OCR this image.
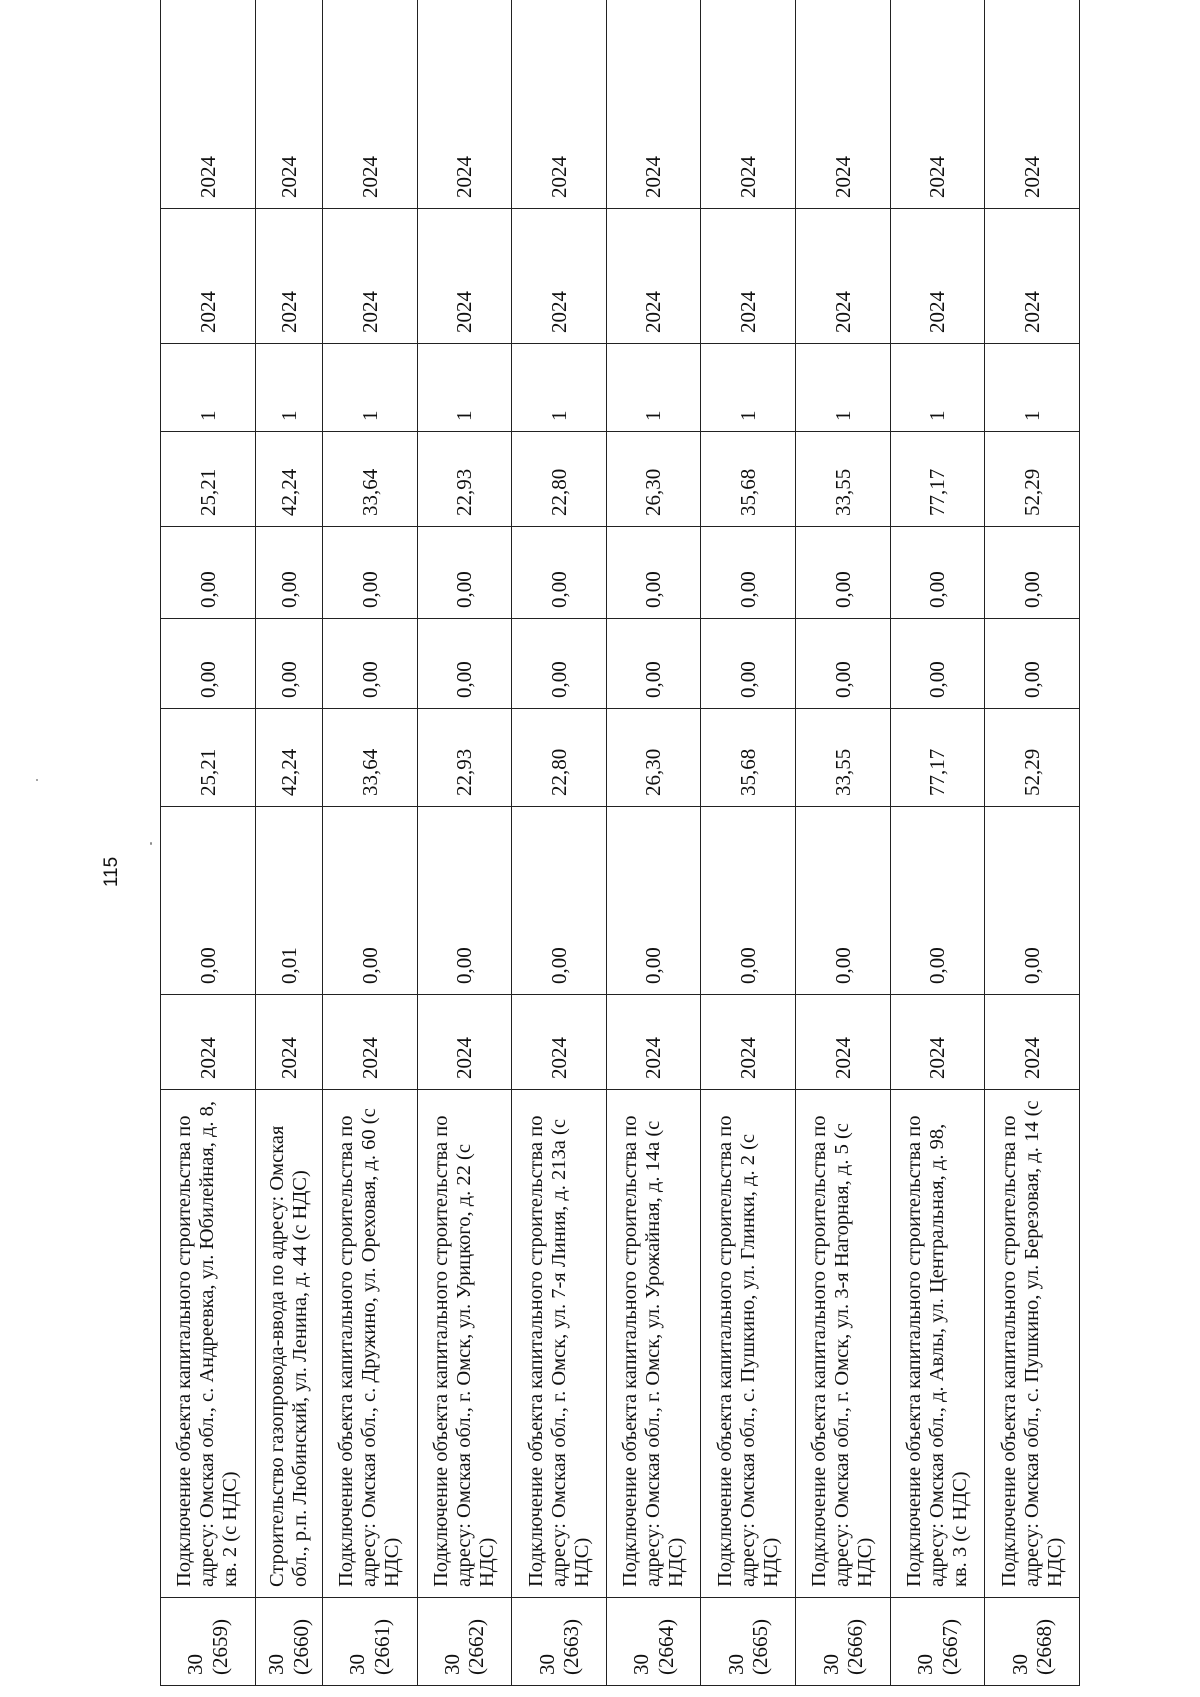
115
30 (2659)	Подключение объекта капитального строительства по адресу: Омская обл., с. Андреевка, ул. Юбилейная, д. 8, кв. 2 (с НДС)	2024	0,00	25,21	0,00	0,00	25,21	1	2024	2024

30 (2660)	Строительство газопровода-ввода по адресу: Омская обл., р.п. Любинский, ул. Ленина, д. 44 (с НДС)	2024	0,01	42,24	0,00	0,00	42,24	1	2024	2024

30 (2661)	Подключение объекта капитального строительства по адресу: Омская обл., с. Дружино, ул. Ореховая, д. 60 (с НДС)	2024	0,00	33,64	0,00	0,00	33,64	1	2024	2024

30 (2662)	Подключение объекта капитального строительства по адресу: Омская обл., г. Омск, ул. Урицкого, д. 22 (с НДС)	2024	0,00	22,93	0,00	0,00	22,93	1	2024	2024

30 (2663)	Подключение объекта капитального строительства по адресу: Омская обл., г. Омск, ул. 7-я Линия, д. 213а (с НДС)	2024	0,00	22,80	0,00	0,00	22,80	1	2024	2024

30 (2664)	Подключение объекта капитального строительства по адресу: Омская обл., г. Омск, ул. Урожайная, д. 14а (с НДС)	2024	0,00	26,30	0,00	0,00	26,30	1	2024	2024

30 (2665)	Подключение объекта капитального строительства по адресу: Омская обл., с. Пушкино, ул. Глинки, д. 2 (с НДС)	2024	0,00	35,68	0,00	0,00	35,68	1	2024	2024

30 (2666)	Подключение объекта капитального строительства по адресу: Омская обл., г. Омск, ул. 3-я Нагорная, д. 5 (с НДС)	2024	0,00	33,55	0,00	0,00	33,55	1	2024	2024

30 (2667)	Подключение объекта капитального строительства по адресу: Омская обл., д. Авлы, ул. Центральная, д. 98, кв. 3 (с НДС)	2024	0,00	77,17	0,00	0,00	77,17	1	2024	2024

30 (2668)	Подключение объекта капитального строительства по адресу: Омская обл., с. Пушкино, ул. Березовая, д. 14 (с НДС)	2024	0,00	52,29	0,00	0,00	52,29	1	2024	2024
